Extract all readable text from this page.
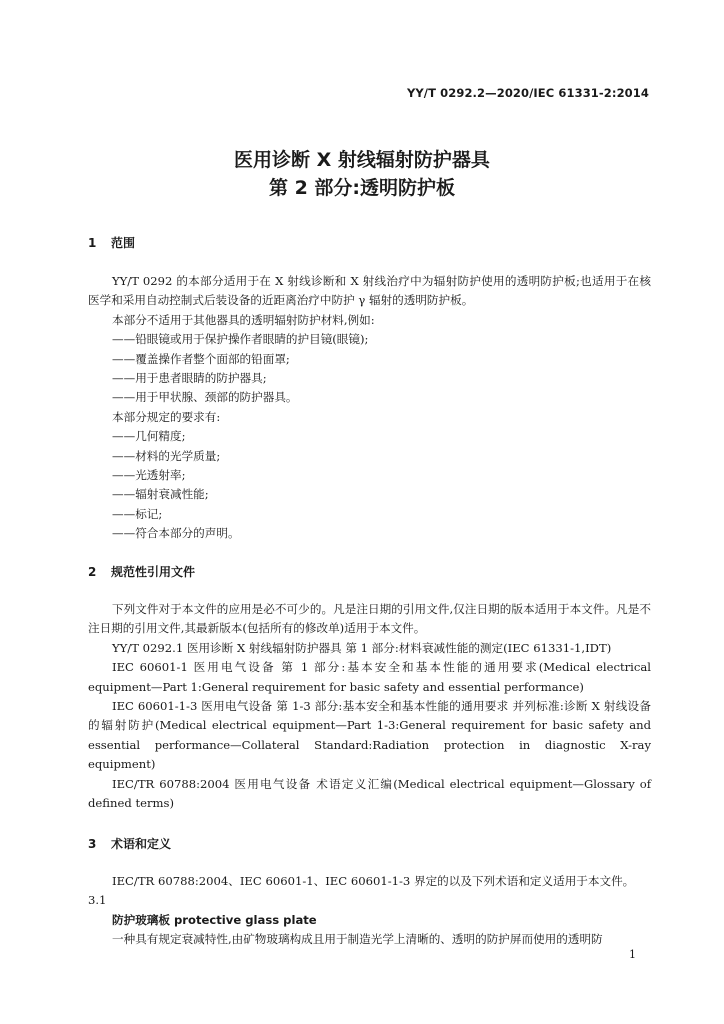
YY/T 0292.2—2020/IEC 61331-2:2014
医用诊断 X 射线辐射防护器具
第 2 部分:透明防护板
1 范围

YY/T 0292 的本部分适用于在 X 射线诊断和 X 射线治疗中为辐射防护使用的透明防护板;也适用于在核医学和采用自动控制式后装设备的近距离治疗中防护 γ 辐射的透明防护板。

本部分不适用于其他器具的透明辐射防护材料,例如:

——铅眼镜或用于保护操作者眼睛的护目镜(眼镜);

——覆盖操作者整个面部的铅面罩;

——用于患者眼睛的防护器具;

——用于甲状腺、颈部的防护器具。

本部分规定的要求有:

——几何精度;

——材料的光学质量;

——光透射率;

——辐射衰减性能;

——标记;

——符合本部分的声明。

2 规范性引用文件

下列文件对于本文件的应用是必不可少的。凡是注日期的引用文件,仅注日期的版本适用于本文件。凡是不注日期的引用文件,其最新版本(包括所有的修改单)适用于本文件。

YY/T 0292.1 医用诊断 X 射线辐射防护器具 第 1 部分:材料衰减性能的测定(IEC 61331-1,IDT)

IEC 60601-1 医用电气设备 第 1 部分:基本安全和基本性能的通用要求(Medical electrical equipment—Part 1:General requirement for basic safety and essential performance)

IEC 60601-1-3 医用电气设备 第 1-3 部分:基本安全和基本性能的通用要求 并列标准:诊断 X 射线设备的辐射防护(Medical electrical equipment—Part 1-3:General requirement for basic safety and essential performance—Collateral Standard:Radiation protection in diagnostic X-ray equipment)

IEC/TR 60788:2004 医用电气设备 术语定义汇编(Medical electrical equipment—Glossary of defined terms)

3 术语和定义

IEC/TR 60788:2004、IEC 60601-1、IEC 60601-1-3 界定的以及下列术语和定义适用于本文件。

3.1

防护玻璃板 protective glass plate

一种具有规定衰减特性,由矿物玻璃构成且用于制造光学上清晰的、透明的防护屏而使用的透明防

1
